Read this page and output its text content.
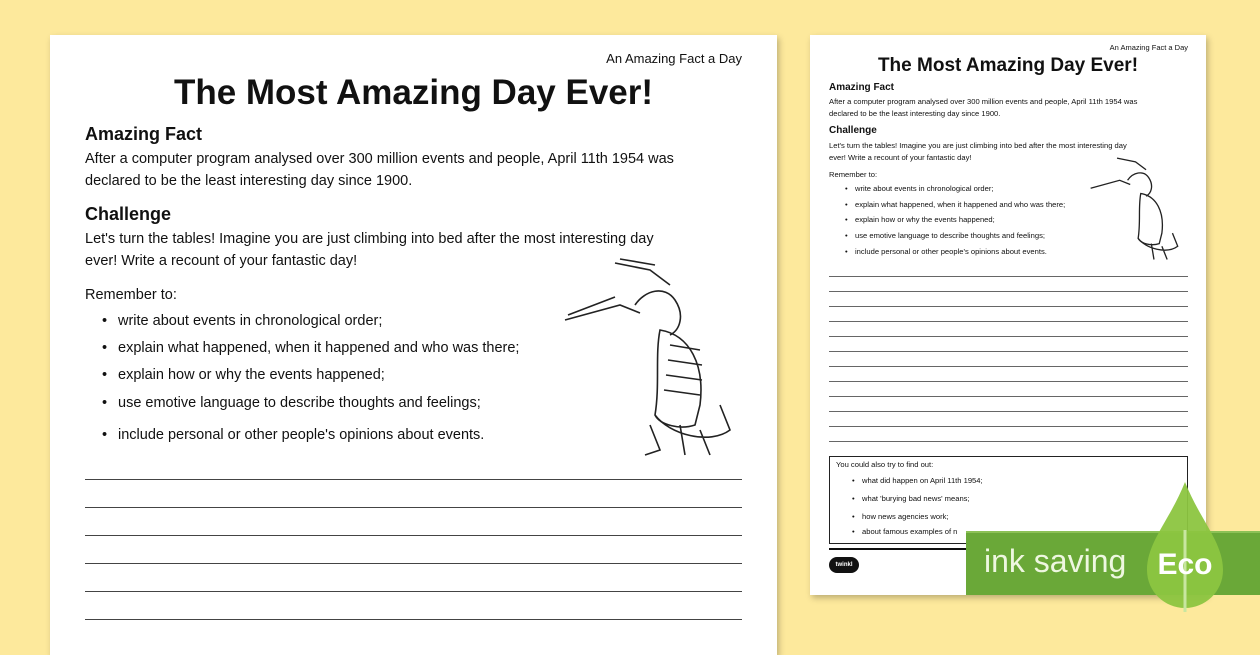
An Amazing Fact a Day
The Most Amazing Day Ever!
Amazing Fact
After a computer program analysed over 300 million events and people, April 11th 1954 was
declared to be the least interesting day since 1900.
Challenge
Let's turn the tables! Imagine you are just climbing into bed after the most interesting day
ever! Write a recount of your fantastic day!
Remember to:
• write about events in chronological order;
• explain what happened, when it happened and who was there;
• explain how or why the events happened;
• use emotive language to describe thoughts and feelings;
• include personal or other people's opinions about events.
An Amazing Fact a Day
The Most Amazing Day Ever!
Amazing Fact
After a computer program analysed over 300 million events and people, April 11th 1954 was
declared to be the least interesting day since 1900.
Challenge
Let's turn the tables! Imagine you are just climbing into bed after the most interesting day
ever! Write a recount of your fantastic day!
Remember to:
• write about events in chronological order;
• explain what happened, when it happened and who was there;
• explain how or why the events happened;
• use emotive language to describe thoughts and feelings;
• include personal or other people's opinions about events.
You could also try to find out:
• what did happen on April 11th 1954;
• what 'burying bad news' means;
• how news agencies work;
• about famous examples of n
twinkl	ink saving Eco
